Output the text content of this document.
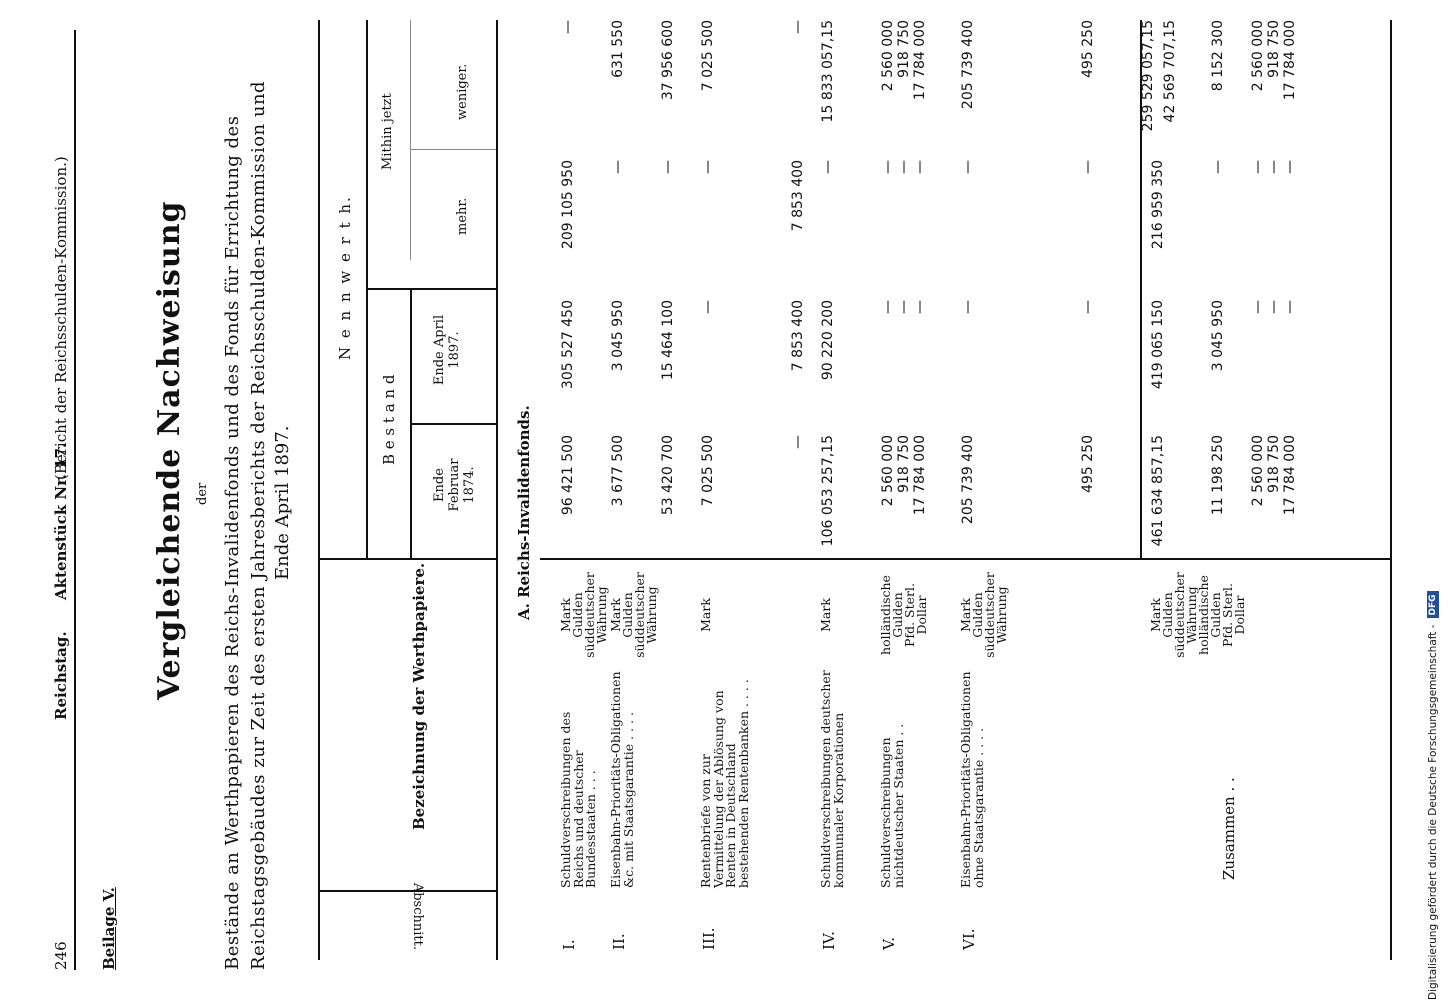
246
Reichstag.
Aktenstück Nr. 17.
(Bericht der Reichsschulden-Kommission.)
Beilage V.
Vergleichende Nachweisung der Bestände an Werthpapieren des Reichs-Invalidenfonds und des Fonds für Errichtung des Reichstagsgebäudes zur Zeit des ersten Jahresberichts der Reichsschulden-Kommission und Ende April 1897.
Abschnitt.
Bezeichnung der Werthpapiere.
N e n n w e r t h.
B e s t a n d
Ende Februar 1874.
Ende April 1897.
Mithin jetzt
mehr.
weniger.
A. Reichs-Invalidenfonds.
I.
Schuldverschreibungen des Reichs und deutscher Bundesstaaten . . .
Mark
Gulden
süddeutscher
Währung
96 421 500
305 527 450
209 105 950
—
II.
Eisenbahn-Prioritäts-Obligationen &c. mit Staatsgarantie . . . .
Mark
Gulden
süddeutscher
Währung
3 677 500
3 045 950
—
631 550
53 420 700
15 464 100
—
37 956 600
III.
Rentenbriefe von zur Vermittelung der Ablösung von Renten in Deutschland bestehenden Rentenbanken . . . .
Mark
7 025 500
—
—
7 025 500
—
7 853 400
7 853 400
—
IV.
Schuldverschreibungen deutscher kommunaler Korporationen
Mark
106 053 257,15
90 220 200
—
15 833 057,15
V.
Schuldverschreibungen nichtdeutscher Staaten . .
holländische
Gulden
Pfd. Sterl.
Dollar
2 560 000
918 750
17 784 000
—
—
—
—
—
—
2 560 000
918 750
17 784 000
VI.
Eisenbahn-Prioritäts-Obligationen ohne Staatsgarantie . . . .
Mark
Gulden
süddeutscher
Währung
205 739 400
—
—
205 739 400
495 250
—
—
495 250
Zusammen . .
Mark
Gulden
süddeutscher
Währung
holländische
Gulden
Pfd. Sterl.
Dollar
461 634 857,15
419 065 150
216 959 350
259 529 057,15 42 569 707,15
11 198 250
3 045 950
—
8 152 300
2 560 000
918 750
17 784 000
—
—
—
—
—
—
2 560 000
918 750
17 784 000
Digitalisierung gefördert durch die Deutsche Forschungsgemeinschaft -
DFG
